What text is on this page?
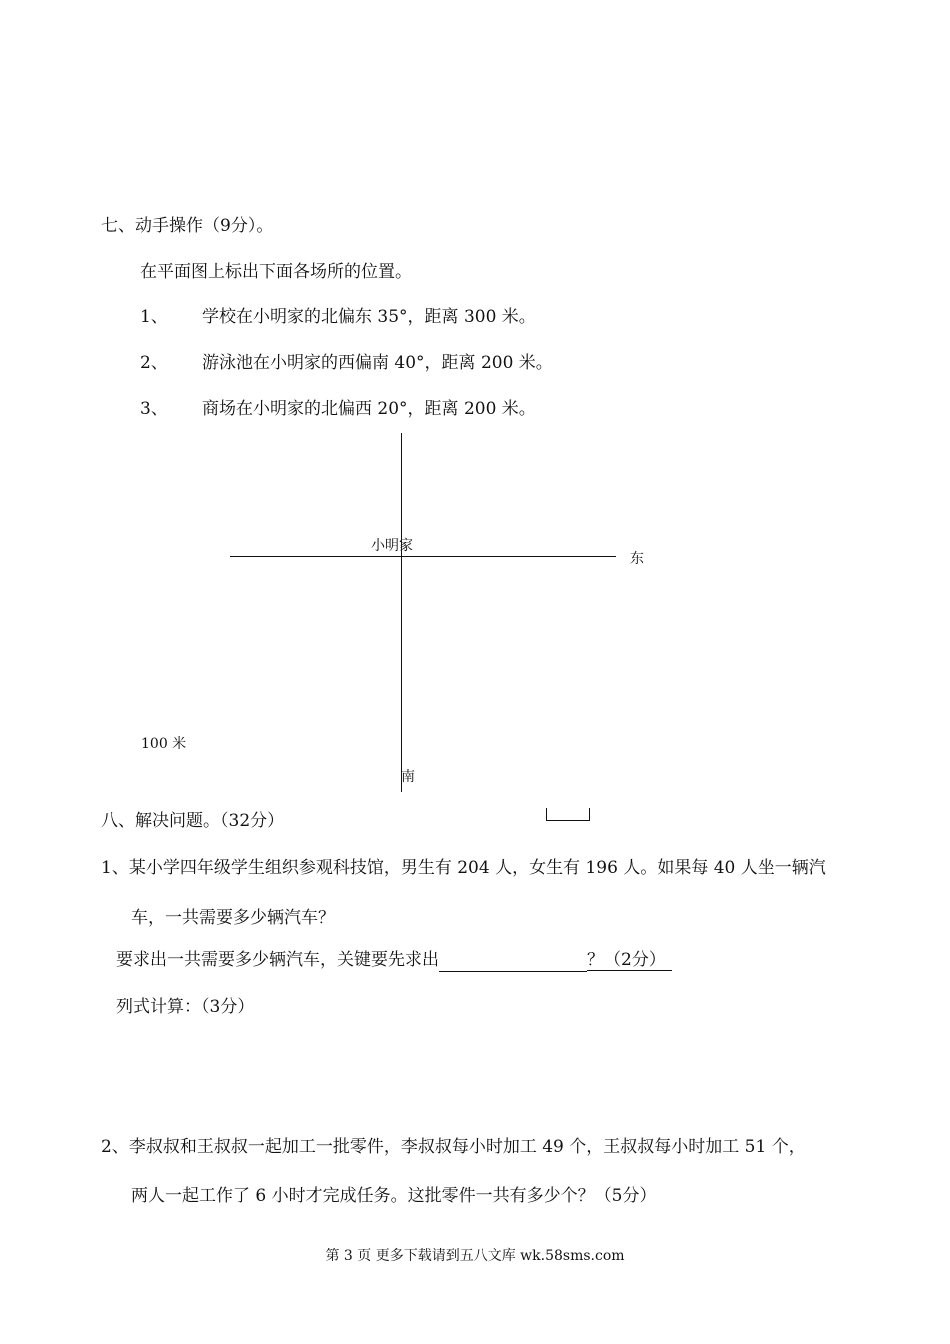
七、动手操作（9分）。

在平面图上标出下面各场所的位置。

1、 学校在小明家的北偏东 35°，距离 300 米。

2、 游泳池在小明家的西偏南 40°，距离 200 米。

3、 商场在小明家的北偏西 20°，距离 200 米。

小明家

东

南

100 米

八、解决问题。（32分）

1、某小学四年级学生组织参观科技馆，男生有 204 人，女生有 196 人。如果每 40 人坐一辆汽

车，一共需要多少辆汽车？

要求出一共需要多少辆汽车，关键要先求出	？（2分）

列式计算：（3分）

2、李叔叔和王叔叔一起加工一批零件，李叔叔每小时加工 49 个，王叔叔每小时加工 51 个，

两人一起工作了 6 小时才完成任务。这批零件一共有多少个？（5分）

第 3 页 更多下载请到五八文库 wk.58sms.com
